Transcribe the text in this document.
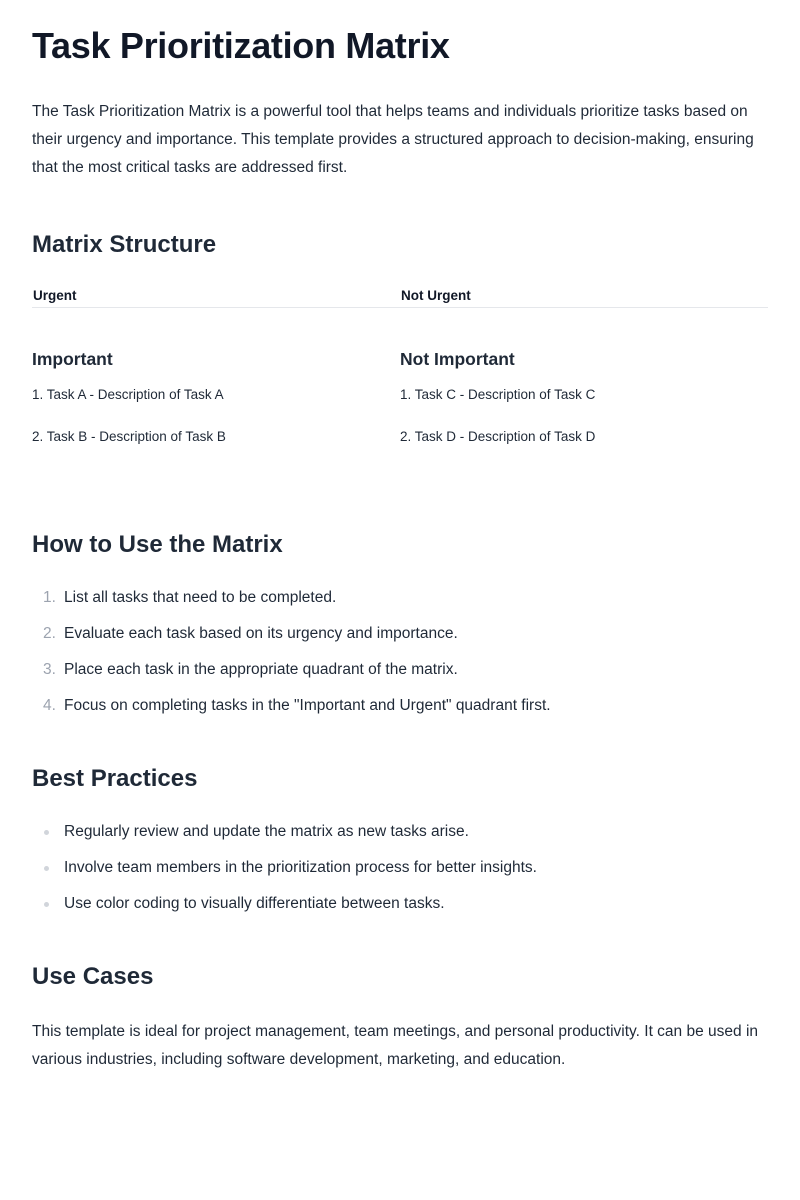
Task Prioritization Matrix

The Task Prioritization Matrix is a powerful tool that helps teams and individuals prioritize tasks based on their urgency and importance. This template provides a structured approach to decision-making, ensuring that the most critical tasks are addressed first.

Matrix Structure
Urgent	Not Urgent
Important
1. Task A - Description of Task A
2. Task B - Description of Task B
Not Important
1. Task C - Description of Task C
2. Task D - Description of Task D
How to Use the Matrix
1. List all tasks that need to be completed.
2. Evaluate each task based on its urgency and importance.
3. Place each task in the appropriate quadrant of the matrix.
4. Focus on completing tasks in the "Important and Urgent" quadrant first.
Best Practices
Regularly review and update the matrix as new tasks arise.
Involve team members in the prioritization process for better insights.
Use color coding to visually differentiate between tasks.
Use Cases

This template is ideal for project management, team meetings, and personal productivity. It can be used in various industries, including software development, marketing, and education.
